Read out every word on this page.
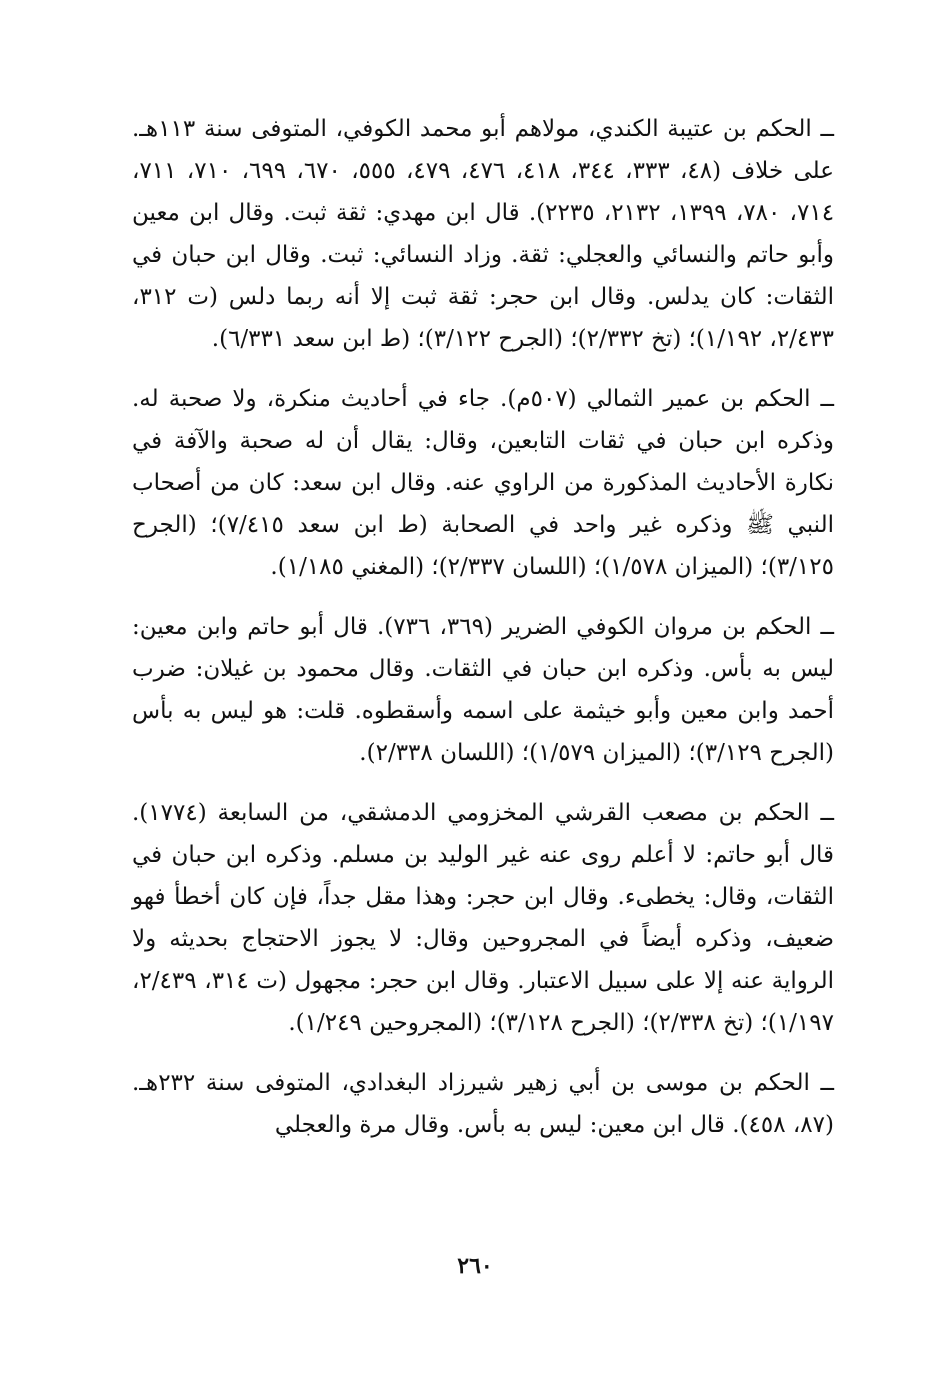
ــ الحكم بن عتيبة الكندي، مولاهم أبو محمد الكوفي، المتوفى سنة ١١٣هـ. على خلاف (٤٨، ٣٣٣، ٣٤٤، ٤١٨، ٤٧٦، ٤٧٩، ٥٥٥، ٦٧٠، ٦٩٩، ٧١٠، ٧١١، ٧١٤، ٧٨٠، ١٣٩٩، ٢١٣٢، ٢٢٣٥). قال ابن مهدي: ثقة ثبت. وقال ابن معين وأبو حاتم والنسائي والعجلي: ثقة. وزاد النسائي: ثبت. وقال ابن حبان في الثقات: كان يدلس. وقال ابن حجر: ثقة ثبت إلا أنه ربما دلس (ت ٣١٢، ٢/٤٣٣، ١/١٩٢)؛ (تخ ٢/٣٣٢)؛ (الجرح ٣/١٢٢)؛ (ط ابن سعد ٦/٣٣١).

ــ الحكم بن عمير الثمالي (٥٠٧م). جاء في أحاديث منكرة، ولا صحبة له. وذكره ابن حبان في ثقات التابعين، وقال: يقال أن له صحبة والآفة في نكارة الأحاديث المذكورة من الراوي عنه. وقال ابن سعد: كان من أصحاب النبي ﷺ وذكره غير واحد في الصحابة (ط ابن سعد ٧/٤١٥)؛ (الجرح ٣/١٢٥)؛ (الميزان ١/٥٧٨)؛ (اللسان ٢/٣٣٧)؛ (المغني ١/١٨٥).

ــ الحكم بن مروان الكوفي الضرير (٣٦٩، ٧٣٦). قال أبو حاتم وابن معين: ليس به بأس. وذكره ابن حبان في الثقات. وقال محمود بن غيلان: ضرب أحمد وابن معين وأبو خيثمة على اسمه وأسقطوه. قلت: هو ليس به بأس (الجرح ٣/١٢٩)؛ (الميزان ١/٥٧٩)؛ (اللسان ٢/٣٣٨).

ــ الحكم بن مصعب القرشي المخزومي الدمشقي، من السابعة (١٧٧٤). قال أبو حاتم: لا أعلم روى عنه غير الوليد بن مسلم. وذكره ابن حبان في الثقات، وقال: يخطىء. وقال ابن حجر: وهذا مقل جداً، فإن كان أخطأ فهو ضعيف، وذكره أيضاً في المجروحين وقال: لا يجوز الاحتجاج بحديثه ولا الرواية عنه إلا على سبيل الاعتبار. وقال ابن حجر: مجهول (ت ٣١٤، ٢/٤٣٩، ١/١٩٧)؛ (تخ ٢/٣٣٨)؛ (الجرح ٣/١٢٨)؛ (المجروحين ١/٢٤٩).

ــ الحكم بن موسى بن أبي زهير شيرزاد البغدادي، المتوفى سنة ٢٣٢هـ. (٨٧، ٤٥٨). قال ابن معين: ليس به بأس. وقال مرة والعجلي

٢٦٠
